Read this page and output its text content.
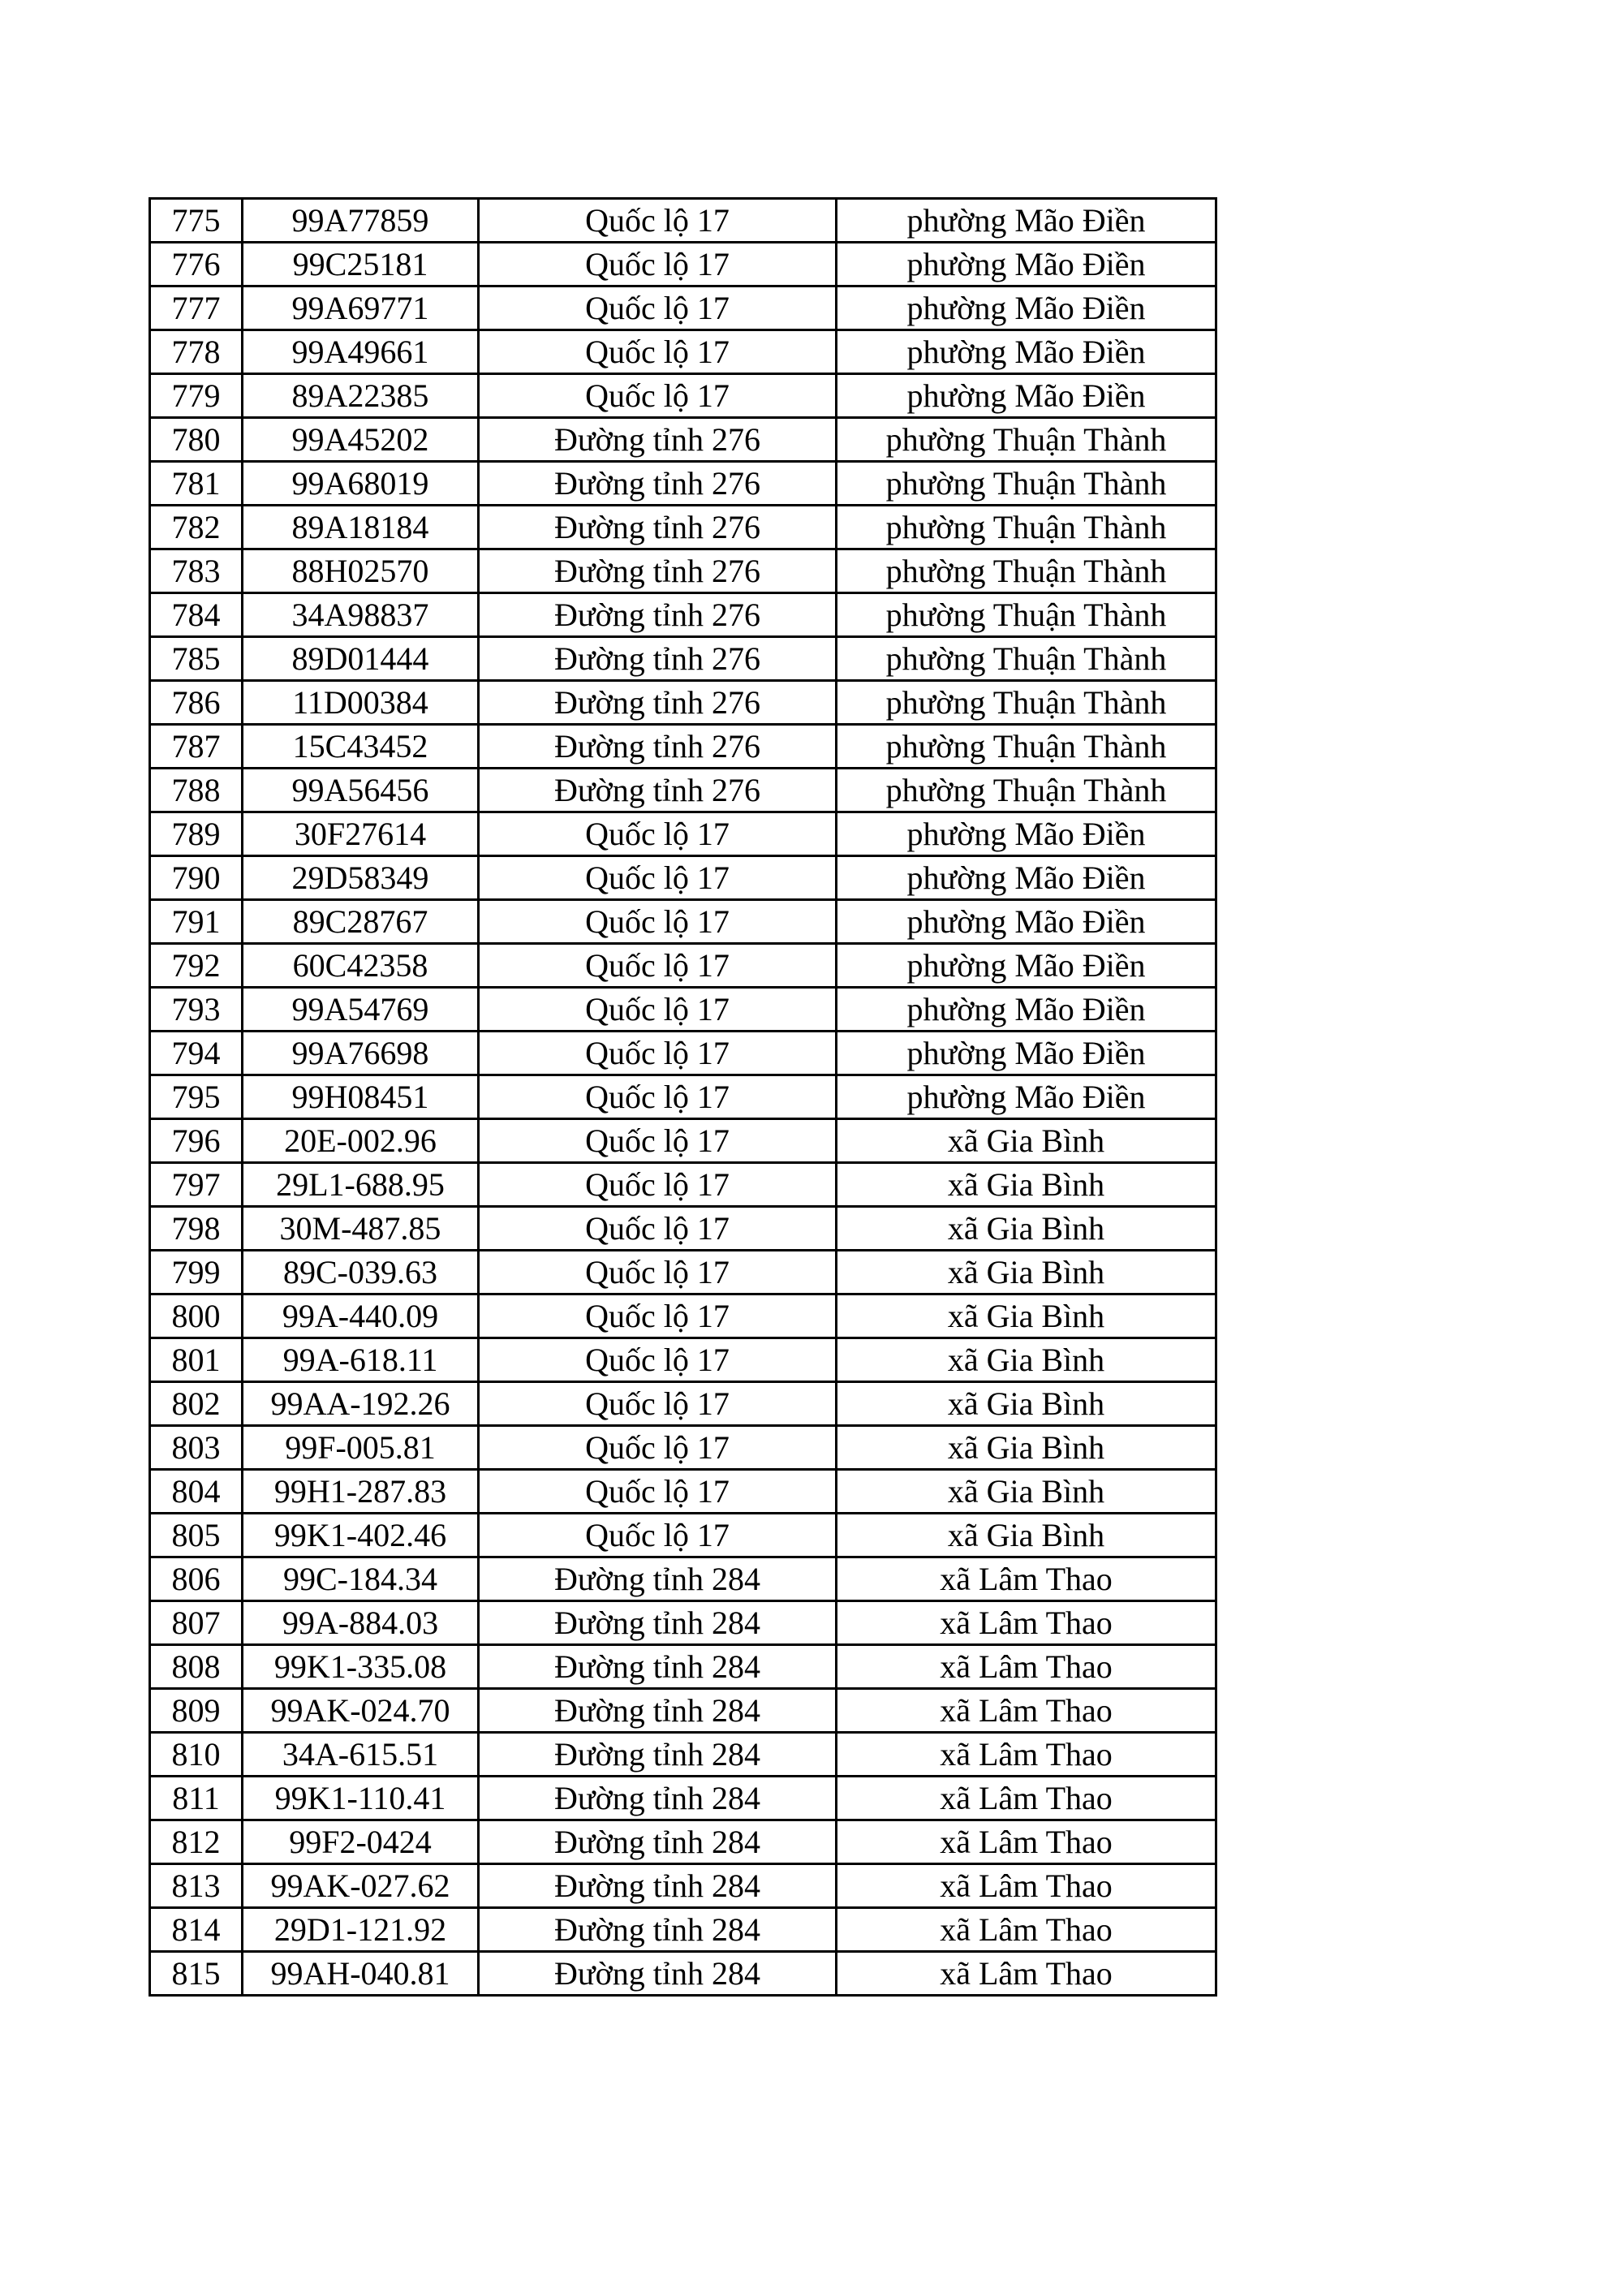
775	99A77859	Quốc lộ 17	phường Mão Điền
776	99C25181	Quốc lộ 17	phường Mão Điền
777	99A69771	Quốc lộ 17	phường Mão Điền
778	99A49661	Quốc lộ 17	phường Mão Điền
779	89A22385	Quốc lộ 17	phường Mão Điền
780	99A45202	Đường tỉnh 276	phường Thuận Thành
781	99A68019	Đường tỉnh 276	phường Thuận Thành
782	89A18184	Đường tỉnh 276	phường Thuận Thành
783	88H02570	Đường tỉnh 276	phường Thuận Thành
784	34A98837	Đường tỉnh 276	phường Thuận Thành
785	89D01444	Đường tỉnh 276	phường Thuận Thành
786	11D00384	Đường tỉnh 276	phường Thuận Thành
787	15C43452	Đường tỉnh 276	phường Thuận Thành
788	99A56456	Đường tỉnh 276	phường Thuận Thành
789	30F27614	Quốc lộ 17	phường Mão Điền
790	29D58349	Quốc lộ 17	phường Mão Điền
791	89C28767	Quốc lộ 17	phường Mão Điền
792	60C42358	Quốc lộ 17	phường Mão Điền
793	99A54769	Quốc lộ 17	phường Mão Điền
794	99A76698	Quốc lộ 17	phường Mão Điền
795	99H08451	Quốc lộ 17	phường Mão Điền
796	20E-002.96	Quốc lộ 17	xã Gia Bình
797	29L1-688.95	Quốc lộ 17	xã Gia Bình
798	30M-487.85	Quốc lộ 17	xã Gia Bình
799	89C-039.63	Quốc lộ 17	xã Gia Bình
800	99A-440.09	Quốc lộ 17	xã Gia Bình
801	99A-618.11	Quốc lộ 17	xã Gia Bình
802	99AA-192.26	Quốc lộ 17	xã Gia Bình
803	99F-005.81	Quốc lộ 17	xã Gia Bình
804	99H1-287.83	Quốc lộ 17	xã Gia Bình
805	99K1-402.46	Quốc lộ 17	xã Gia Bình
806	99C-184.34	Đường tỉnh 284	xã Lâm Thao
807	99A-884.03	Đường tỉnh 284	xã Lâm Thao
808	99K1-335.08	Đường tỉnh 284	xã Lâm Thao
809	99AK-024.70	Đường tỉnh 284	xã Lâm Thao
810	34A-615.51	Đường tỉnh 284	xã Lâm Thao
811	99K1-110.41	Đường tỉnh 284	xã Lâm Thao
812	99F2-0424	Đường tỉnh 284	xã Lâm Thao
813	99AK-027.62	Đường tỉnh 284	xã Lâm Thao
814	29D1-121.92	Đường tỉnh 284	xã Lâm Thao
815	99AH-040.81	Đường tỉnh 284	xã Lâm Thao
